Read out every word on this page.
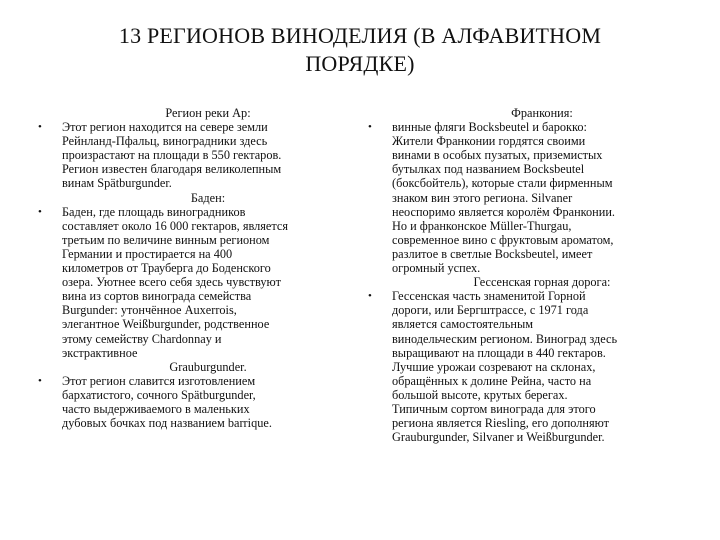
13 РЕГИОНОВ ВИНОДЕЛИЯ (В АЛФАВИТНОМ
ПОРЯДКЕ)

Регион реки Ар:

• Этот регион находится на севере земли
Рейнланд-Пфальц, виноградники здесь
произрастают на площади в 550 гектаров.
Регион известен благодаря великолепным
винам Spätburgunder.

Баден:

• Баден, где площадь виноградников
составляет около 16 000 гектаров, является
третьим по величине винным регионом
Германии и простирается на 400
километров от Трауберга до Боденского
озера. Уютнее всего себя здесь чувствуют
вина из сортов винограда семейства
Burgunder: утончённое Auxerrois,
элегантное Weißburgunder, родственное
этому семейству Chardonnay и
экстрактивное

Grauburgunder.

• Этот регион славится изготовлением
бархатистого, сочного Spätburgunder,
часто выдерживаемого в маленьких
дубовых бочках под названием barrique.

Франкония:

• винные фляги Bocksbeutel и барокко:
Жители Франконии гордятся своими
винами в особых пузатых, приземистых
бутылках под названием Bocksbeutel
(боксбойтель), которые стали фирменным
знаком вин этого региона. Silvaner
неоспоримо является королём Франконии.
Но и франконское Müller-Thurgau,
современное вино с фруктовым ароматом,
разлитое в светлые Bocksbeutel, имеет
огромный успех.

Гессенская горная дорога:

• Гессенская часть знаменитой Горной
дороги, или Бергштрассе, с 1971 года
является самостоятельным
винодельческим регионом. Виноград здесь
выращивают на площади в 440 гектаров.
Лучшие урожаи созревают на склонах,
обращённых к долине Рейна, часто на
большой высоте, крутых берегах.
Типичным сортом винограда для этого
региона является Riesling, его дополняют
Grauburgunder, Silvaner и Weißburgunder.
